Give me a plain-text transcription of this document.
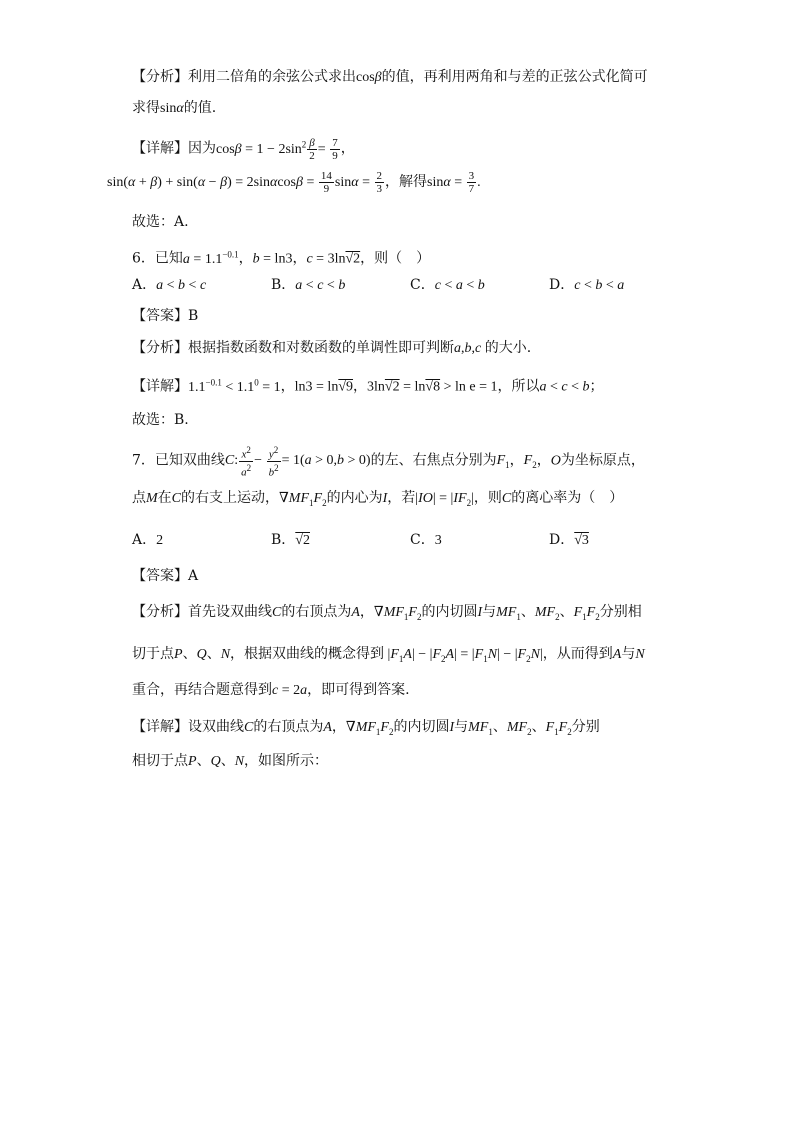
【分析】利用二倍角的余弦公式求出cosβ的值，再利用两角和与差的正弦公式化简可
求得sinα的值.
【详解】因为$\cos\beta = 1 - 2\sin^2 \frac{\beta}{2} = \frac{7}{9}$ ，
$\sin(\alpha + \beta) + \sin(\alpha - \beta) = 2\sin\alpha\cos\beta = \frac{14}{9}$ $\sin\alpha = \frac{2}{3}$ ，解得$\sin\alpha = \frac{3}{7}$ .
故选：A.
6．已知$a = 1.1^{-0.1}$，b = ln3，c = 3ln√2，则（　）
A．a < b < c	B．a < c < b	C．c < a < b	D．c < b < a
【答案】B
【分析】根据指数函数和对数函数的单调性即可判断a,b,c 的大小.
【详解】$1.1^{-0.1} < 1.1^0 = 1$，ln3 = ln√9，3ln√2 = ln√8 > ln e = 1，所以a < c < b；
故选：B.
7．已知双曲线C: $\frac{x^2}{a^2} - \frac{y^2}{b^2} = 1(a > 0,b > 0)$的左、右焦点分别为$F_1$，$F_2$，O为坐标原点，
点M在C的右支上运动，$\nabla MF_1F_2$的内心为I，若$|IO| = |IF_2|$，则C的离心率为（　）
A．2	B．√2	C．3	D．√3
【答案】A
【分析】首先设双曲线C的右顶点为A，$\nabla MF_1F_2$的内切圆I与$MF_1$、$MF_2$、$F_1F_2$分别相
切于点P、Q、N，根据双曲线的概念得到 $|F_1A| - |F_2A| = |F_1N| - |F_2N|$，从而得到A与N
重合，再结合题意得到c = 2a，即可得到答案.
【详解】设双曲线C的右顶点为A，$\nabla MF_1F_2$的内切圆I与$MF_1$、$MF_2$、$F_1F_2$分别
相切于点P、Q、N，如图所示：
